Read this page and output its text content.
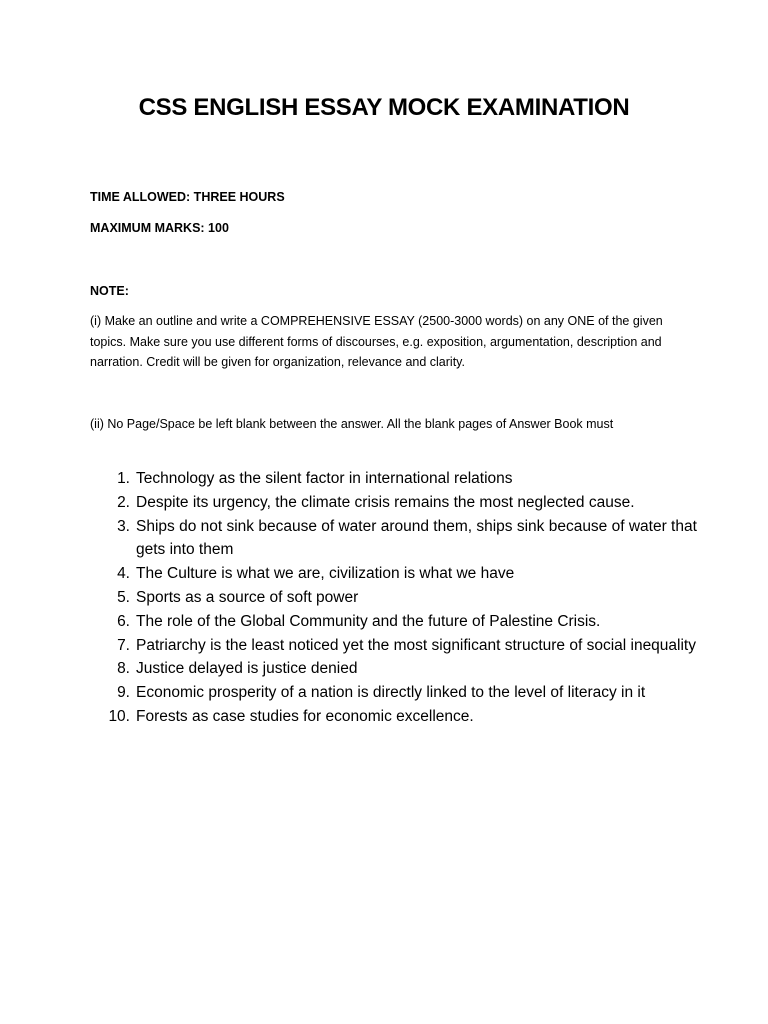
CSS ENGLISH ESSAY MOCK EXAMINATION
TIME ALLOWED: THREE HOURS
MAXIMUM MARKS: 100
NOTE:
(i) Make an outline and write a COMPREHENSIVE ESSAY (2500-3000 words) on any ONE of the given topics. Make sure you use different forms of discourses, e.g. exposition, argumentation, description and narration. Credit will be given for organization, relevance and clarity.
(ii) No Page/Space be left blank between the answer. All the blank pages of Answer Book must
1. Technology as the silent factor in international relations
2. Despite its urgency, the climate crisis remains the most neglected cause.
3. Ships do not sink because of water around them, ships sink because of water that gets into them
4. The Culture is what we are, civilization is what we have
5. Sports as a source of soft power
6. The role of the Global Community and the future of Palestine Crisis.
7. Patriarchy is the least noticed yet the most significant structure of social inequality
8. Justice delayed is justice denied
9. Economic prosperity of a nation is directly linked to the level of literacy in it
10. Forests as case studies for economic excellence.
